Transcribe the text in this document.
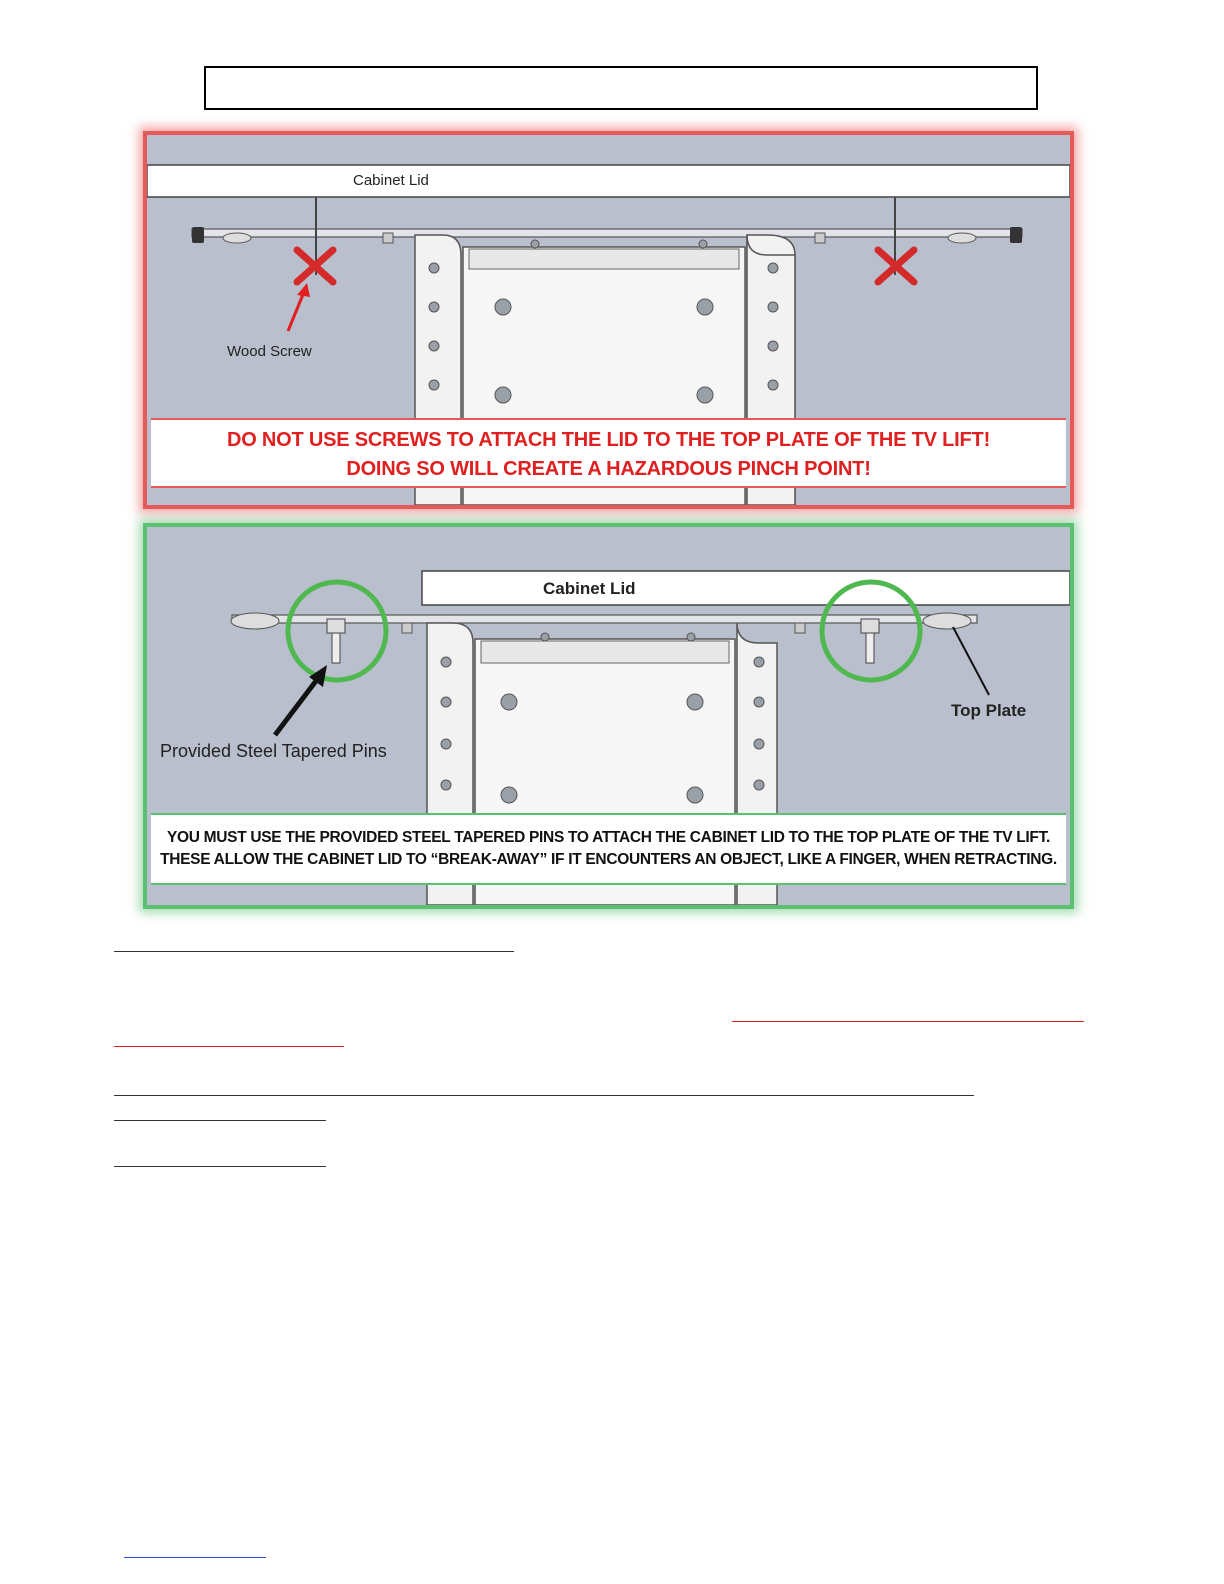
Cabinet Lid
Wood Screw
DO NOT USE SCREWS TO ATTACH THE LID TO THE TOP PLATE OF THE TV LIFT!
DOING SO WILL CREATE A HAZARDOUS PINCH POINT!
Cabinet Lid
Provided Steel Tapered Pins
Top Plate
YOU MUST USE THE PROVIDED STEEL TAPERED PINS TO ATTACH THE CABINET LID TO THE TOP PLATE OF THE TV LIFT.
THESE ALLOW THE CABINET LID TO “BREAK-AWAY” IF IT ENCOUNTERS AN OBJECT, LIKE A FINGER, WHEN RETRACTING.
